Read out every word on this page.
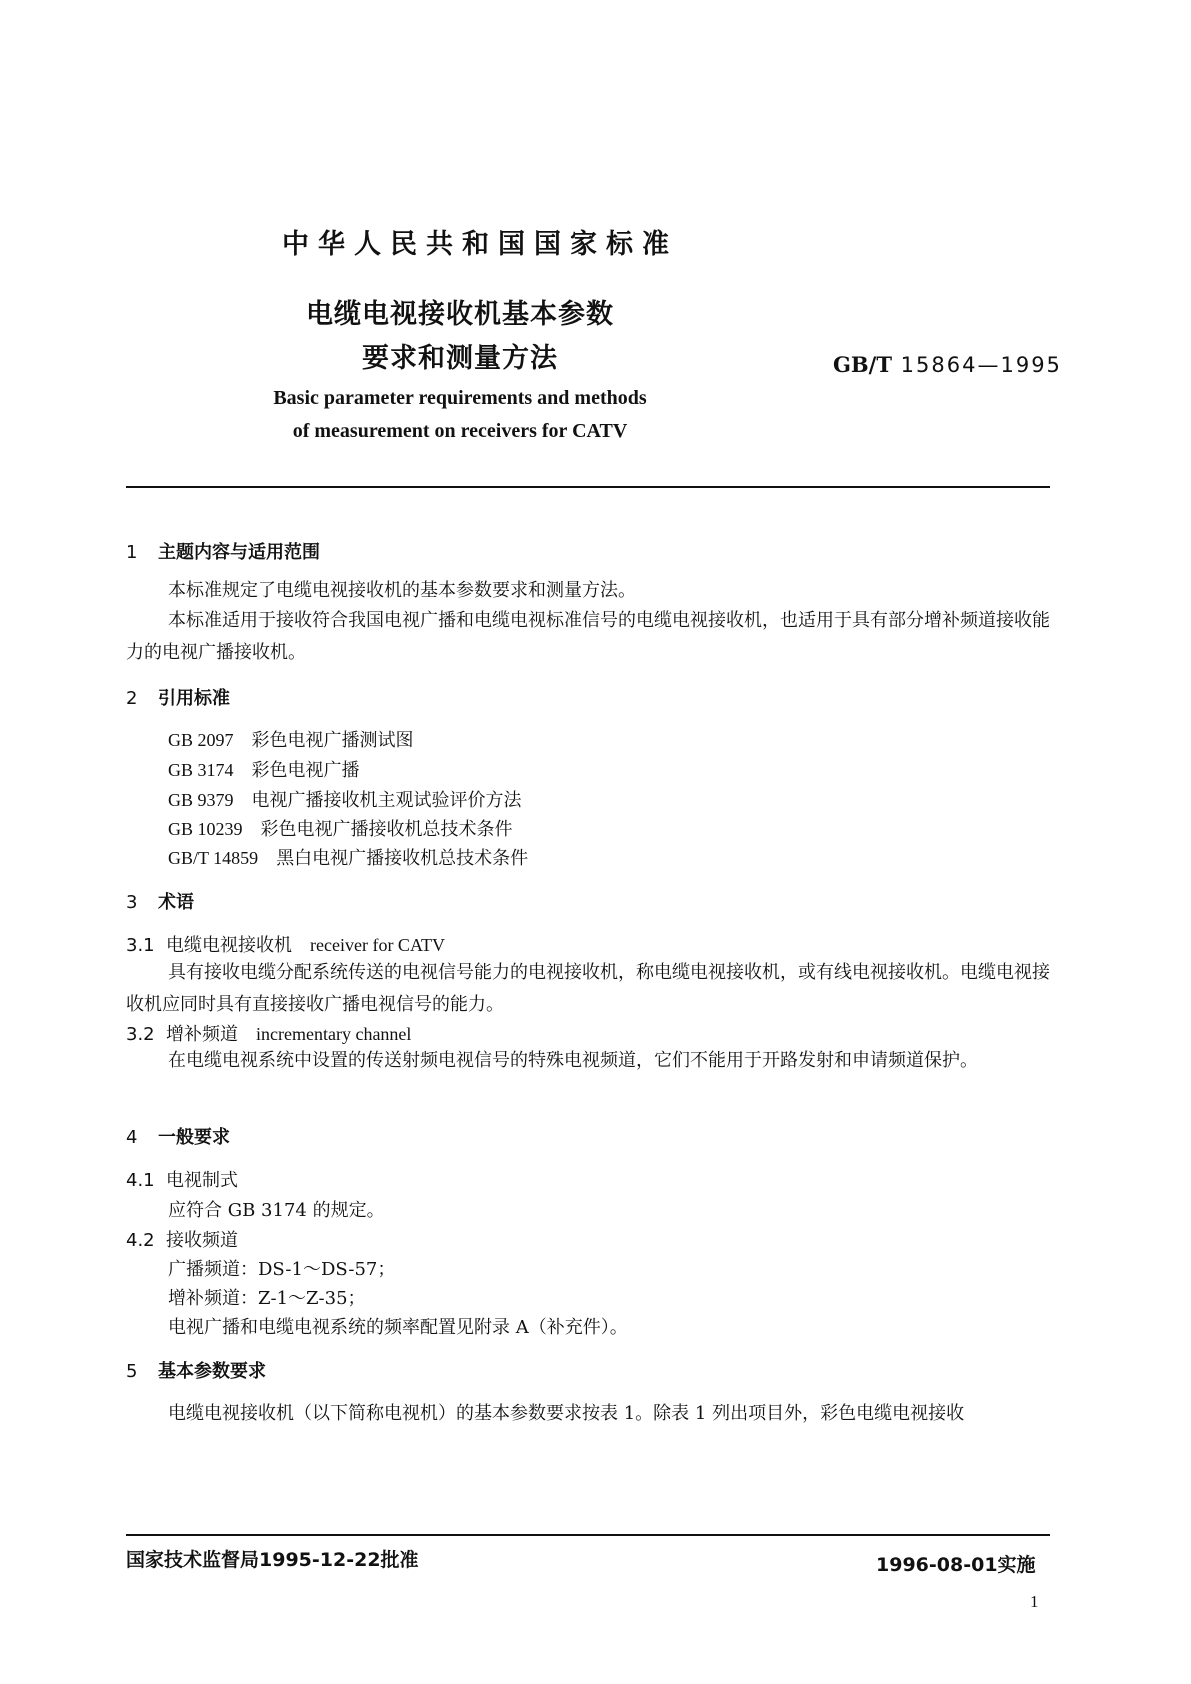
中华人民共和国国家标准
电缆电视接收机基本参数
要求和测量方法	GB/T 15864—1995
Basic parameter requirements and methods
of measurement on receivers for CATV
1 主题内容与适用范围
本标准规定了电缆电视接收机的基本参数要求和测量方法。
本标准适用于接收符合我国电视广播和电缆电视标准信号的电缆电视接收机，也适用于具有部分增补频道接收能力的电视广播接收机。
2 引用标准
GB 2097 彩色电视广播测试图
GB 3174 彩色电视广播
GB 9379 电视广播接收机主观试验评价方法
GB 10239 彩色电视广播接收机总技术条件
GB/T 14859 黑白电视广播接收机总技术条件
3 术语
3.1 电缆电视接收机 receiver for CATV
具有接收电缆分配系统传送的电视信号能力的电视接收机，称电缆电视接收机，或有线电视接收机。电缆电视接收机应同时具有直接接收广播电视信号的能力。
3.2 增补频道 incrementary channel
在电缆电视系统中设置的传送射频电视信号的特殊电视频道，它们不能用于开路发射和申请频道保护。
4 一般要求
4.1 电视制式
应符合 GB 3174 的规定。
4.2 接收频道
广播频道：DS-1～DS-57；
增补频道：Z-1～Z-35；
电视广播和电缆电视系统的频率配置见附录 A（补充件）。
5 基本参数要求
电缆电视接收机（以下简称电视机）的基本参数要求按表 1。除表 1 列出项目外，彩色电缆电视接收
国家技术监督局1995-12-22批准	1996-08-01实施
1
